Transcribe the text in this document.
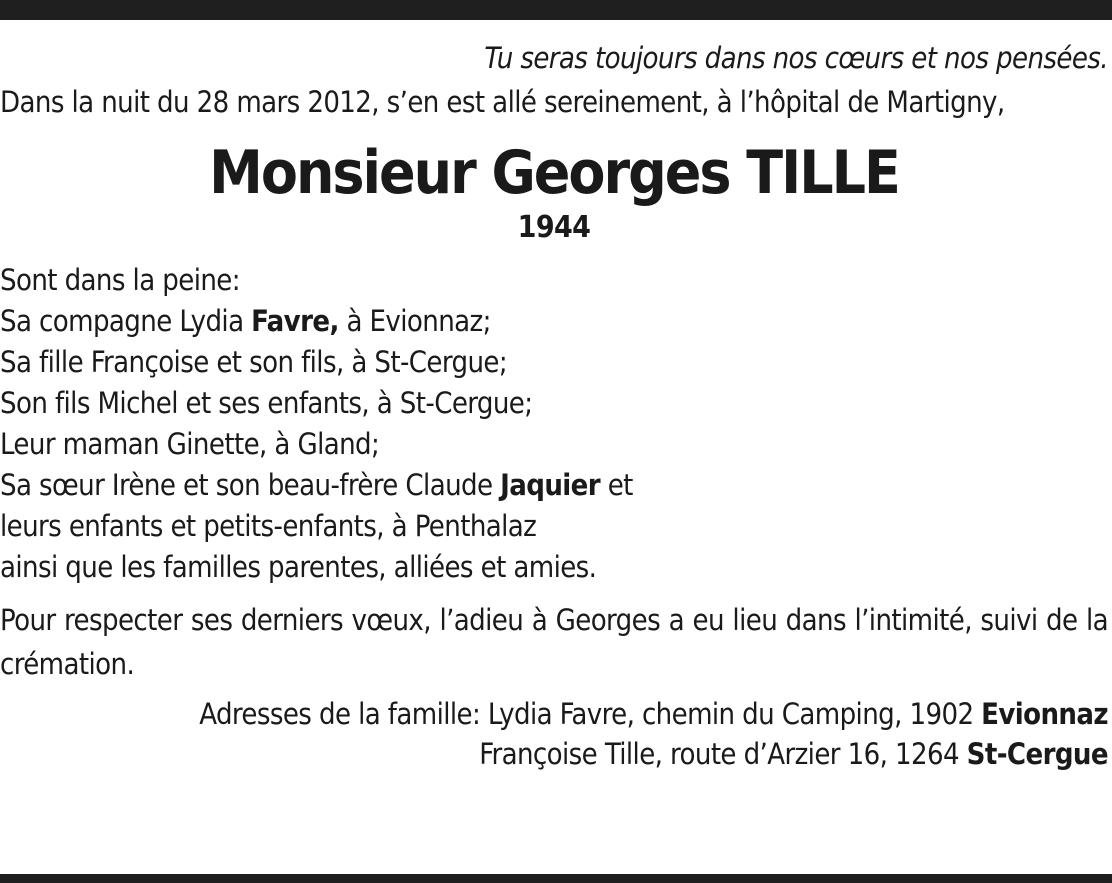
Tu seras toujours dans nos cœurs et nos pensées.

Dans la nuit du 28 mars 2012, s’en est allé sereinement, à l’hôpital de Martigny,

Monsieur Georges TILLE
1944
Sont dans la peine:
Sa compagne Lydia Favre, à Evionnaz;
Sa fille Françoise et son fils, à St-Cergue;
Son fils Michel et ses enfants, à St-Cergue;
Leur maman Ginette, à Gland;
Sa sœur Irène et son beau-frère Claude Jaquier et
leurs enfants et petits-enfants, à Penthalaz
ainsi que les familles parentes, alliées et amies.

Pour respecter ses derniers vœux, l’adieu à Georges a eu lieu dans l’intimité, suivi de la crémation.

Adresses de la famille: Lydia Favre, chemin du Camping, 1902 Evionnaz
Françoise Tille, route d’Arzier 16, 1264 St-Cergue
